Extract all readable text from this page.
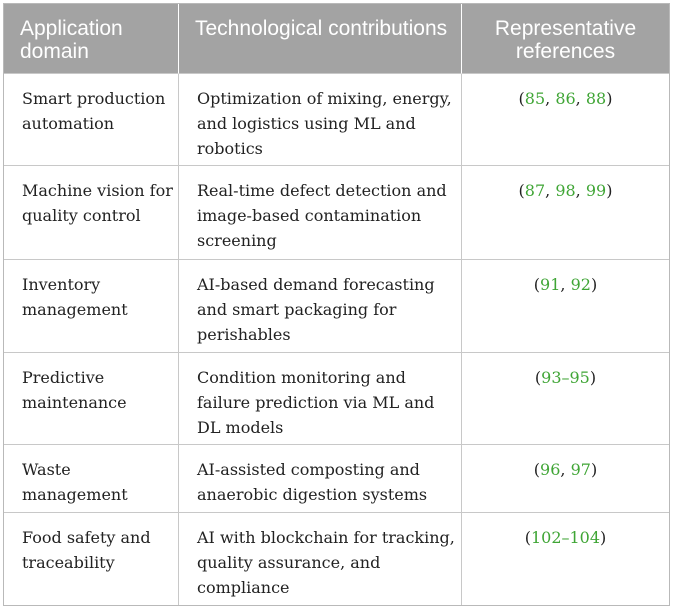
Application domain
Technological contributions	Representative references
Smart production automation
Optimization of mixing, energy, and logistics using ML and robotics
(85, 86, 88)
Machine vision for quality control
Real-time defect detection and image-based contamination screening
(87, 98, 99)
Inventory management
AI-based demand forecasting and smart packaging for perishables
(91, 92)
Predictive maintenance
Condition monitoring and failure prediction via ML and DL models
(93–95)
Waste management
AI-assisted composting and anaerobic digestion systems
(96, 97)
Food safety and traceability
AI with blockchain for tracking, quality assurance, and compliance
(102–104)
